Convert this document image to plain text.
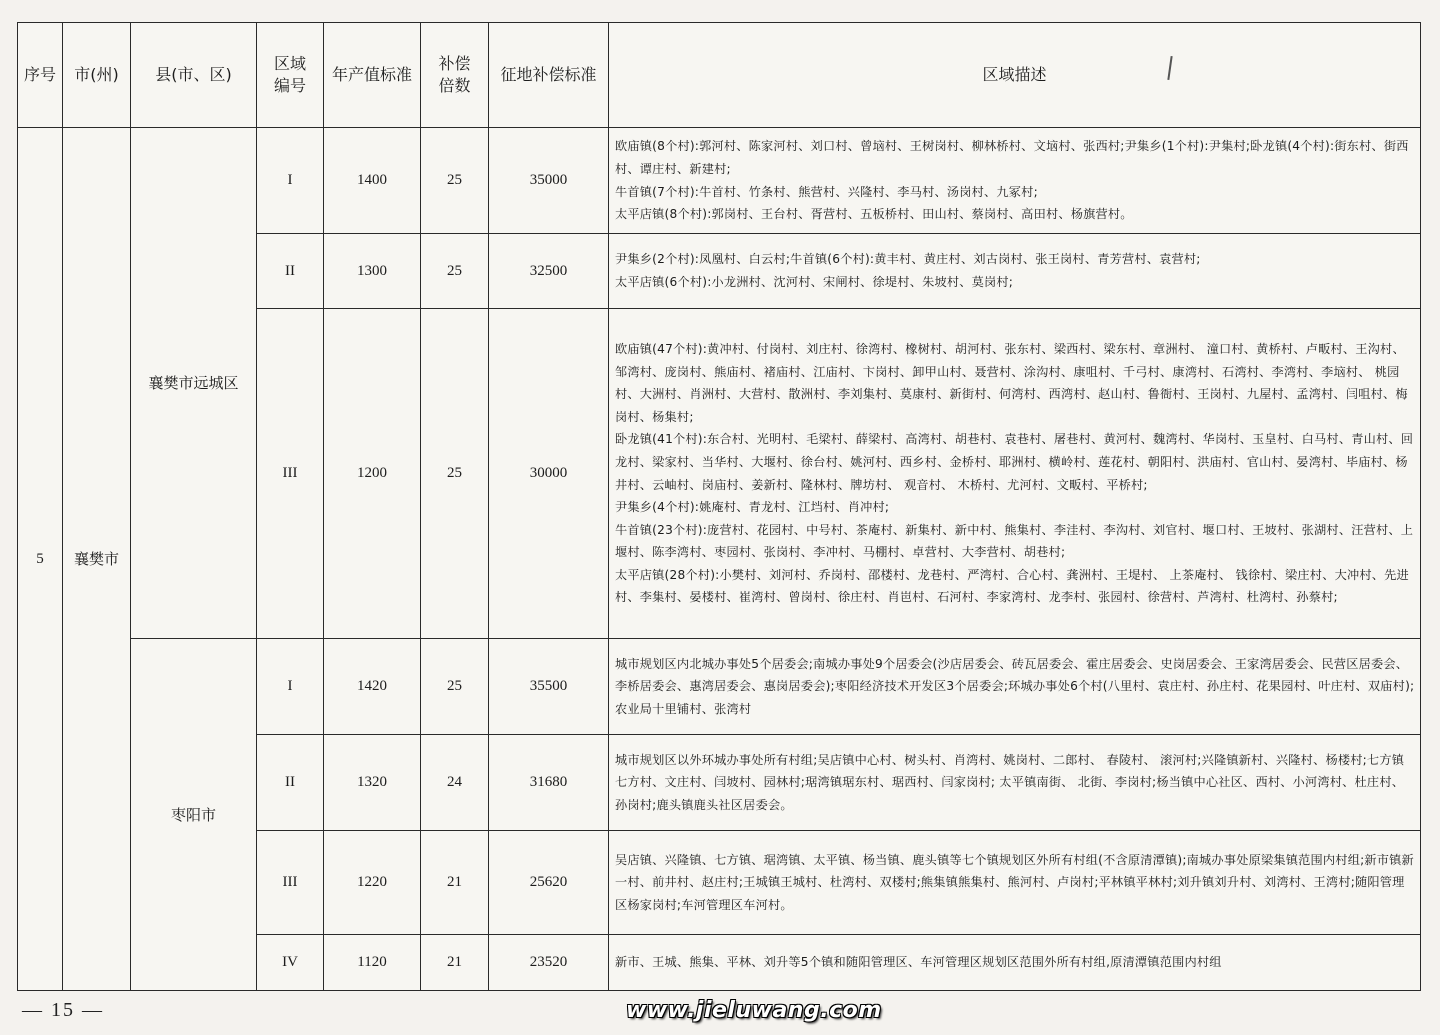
序号	市(州)	县(市、区)	区域
编号	年产值标准	补偿
倍数	征地补偿标准	区域描述
5	襄樊市	襄樊市远城区	I	1400	25	35000	欧庙镇(8个村):郭河村、陈家河村、刘口村、曾垴村、王树岗村、柳林桥村、文垴村、张西村;尹集乡(1个村):尹集村;卧龙镇(4个村):街东村、街西村、谭庄村、新建村;
牛首镇(7个村):牛首村、竹条村、熊营村、兴隆村、李马村、汤岗村、九冢村;
太平店镇(8个村):郭岗村、王台村、胥营村、五板桥村、田山村、蔡岗村、高田村、杨旗营村。
			II	1300	25	32500	尹集乡(2个村):凤凰村、白云村;牛首镇(6个村):黄丰村、黄庄村、刘古岗村、张王岗村、青芳营村、袁营村;
太平店镇(6个村):小龙洲村、沈河村、宋闸村、徐堤村、朱坡村、莫岗村;
			III	1200	25	30000	欧庙镇(47个村):黄冲村、付岗村、刘庄村、徐湾村、橡树村、胡河村、张东村、梁西村、梁东村、章洲村、 潼口村、黄桥村、卢畈村、王沟村、邹湾村、庞岗村、熊庙村、褚庙村、江庙村、卞岗村、卸甲山村、聂营村、涂沟村、康咀村、千弓村、康湾村、石湾村、李湾村、李垴村、 桃园村、大洲村、肖洲村、大营村、散洲村、李刘集村、莫康村、新街村、何湾村、西湾村、赵山村、鲁衙村、王岗村、九屋村、孟湾村、闫咀村、梅岗村、杨集村;
卧龙镇(41个村):东合村、光明村、毛梁村、薛梁村、高湾村、胡巷村、袁巷村、屠巷村、黄河村、魏湾村、华岗村、玉皇村、白马村、青山村、回龙村、梁家村、当华村、大堰村、徐台村、姚河村、西乡村、金桥村、耶洲村、横岭村、莲花村、朝阳村、洪庙村、官山村、晏湾村、毕庙村、杨井村、云岫村、岗庙村、姜新村、隆林村、牌坊村、 观音村、 木桥村、尤河村、文畈村、平桥村;
尹集乡(4个村):姚庵村、青龙村、江垱村、肖冲村;
牛首镇(23个村):庞营村、花园村、中号村、茶庵村、新集村、新中村、熊集村、李洼村、李沟村、刘官村、堰口村、王坡村、张湖村、汪营村、上堰村、陈李湾村、枣园村、张岗村、李冲村、马棚村、卓营村、大李营村、胡巷村;
太平店镇(28个村):小樊村、刘河村、乔岗村、邵楼村、龙巷村、严湾村、合心村、龚洲村、王堤村、 上茶庵村、 钱徐村、梁庄村、大冲村、先进村、李集村、晏楼村、崔湾村、曾岗村、徐庄村、肖岜村、石河村、李家湾村、龙李村、张园村、徐营村、芦湾村、杜湾村、孙蔡村;
		枣阳市	I	1420	25	35500	城市规划区内北城办事处5个居委会;南城办事处9个居委会(沙店居委会、砖瓦居委会、霍庄居委会、史岗居委会、王家湾居委会、民营区居委会、李桥居委会、惠湾居委会、惠岗居委会);枣阳经济技术开发区3个居委会;环城办事处6个村(八里村、袁庄村、孙庄村、花果园村、叶庄村、双庙村);农业局十里铺村、张湾村
			II	1320	24	31680	城市规划区以外环城办事处所有村组;吴店镇中心村、树头村、肖湾村、姚岗村、二郎村、 春陵村、 滚河村;兴隆镇新村、兴隆村、杨楼村;七方镇七方村、文庄村、闫坡村、园林村;琚湾镇琚东村、琚西村、闫家岗村; 太平镇南街、 北街、李岗村;杨当镇中心社区、西村、小河湾村、杜庄村、孙岗村;鹿头镇鹿头社区居委会。
			III	1220	21	25620	吴店镇、兴隆镇、七方镇、琚湾镇、太平镇、杨当镇、鹿头镇等七个镇规划区外所有村组(不含原清潭镇);南城办事处原梁集镇范围内村组;新市镇新一村、前井村、赵庄村;王城镇王城村、杜湾村、双楼村;熊集镇熊集村、熊河村、卢岗村;平林镇平林村;刘升镇刘升村、刘湾村、王湾村;随阳管理区杨家岗村;车河管理区车河村。
			IV	1120	21	23520	新市、王城、熊集、平林、刘升等5个镇和随阳管理区、车河管理区规划区范围外所有村组,原清潭镇范围内村组
— 15 —	www.jieluwang.com
